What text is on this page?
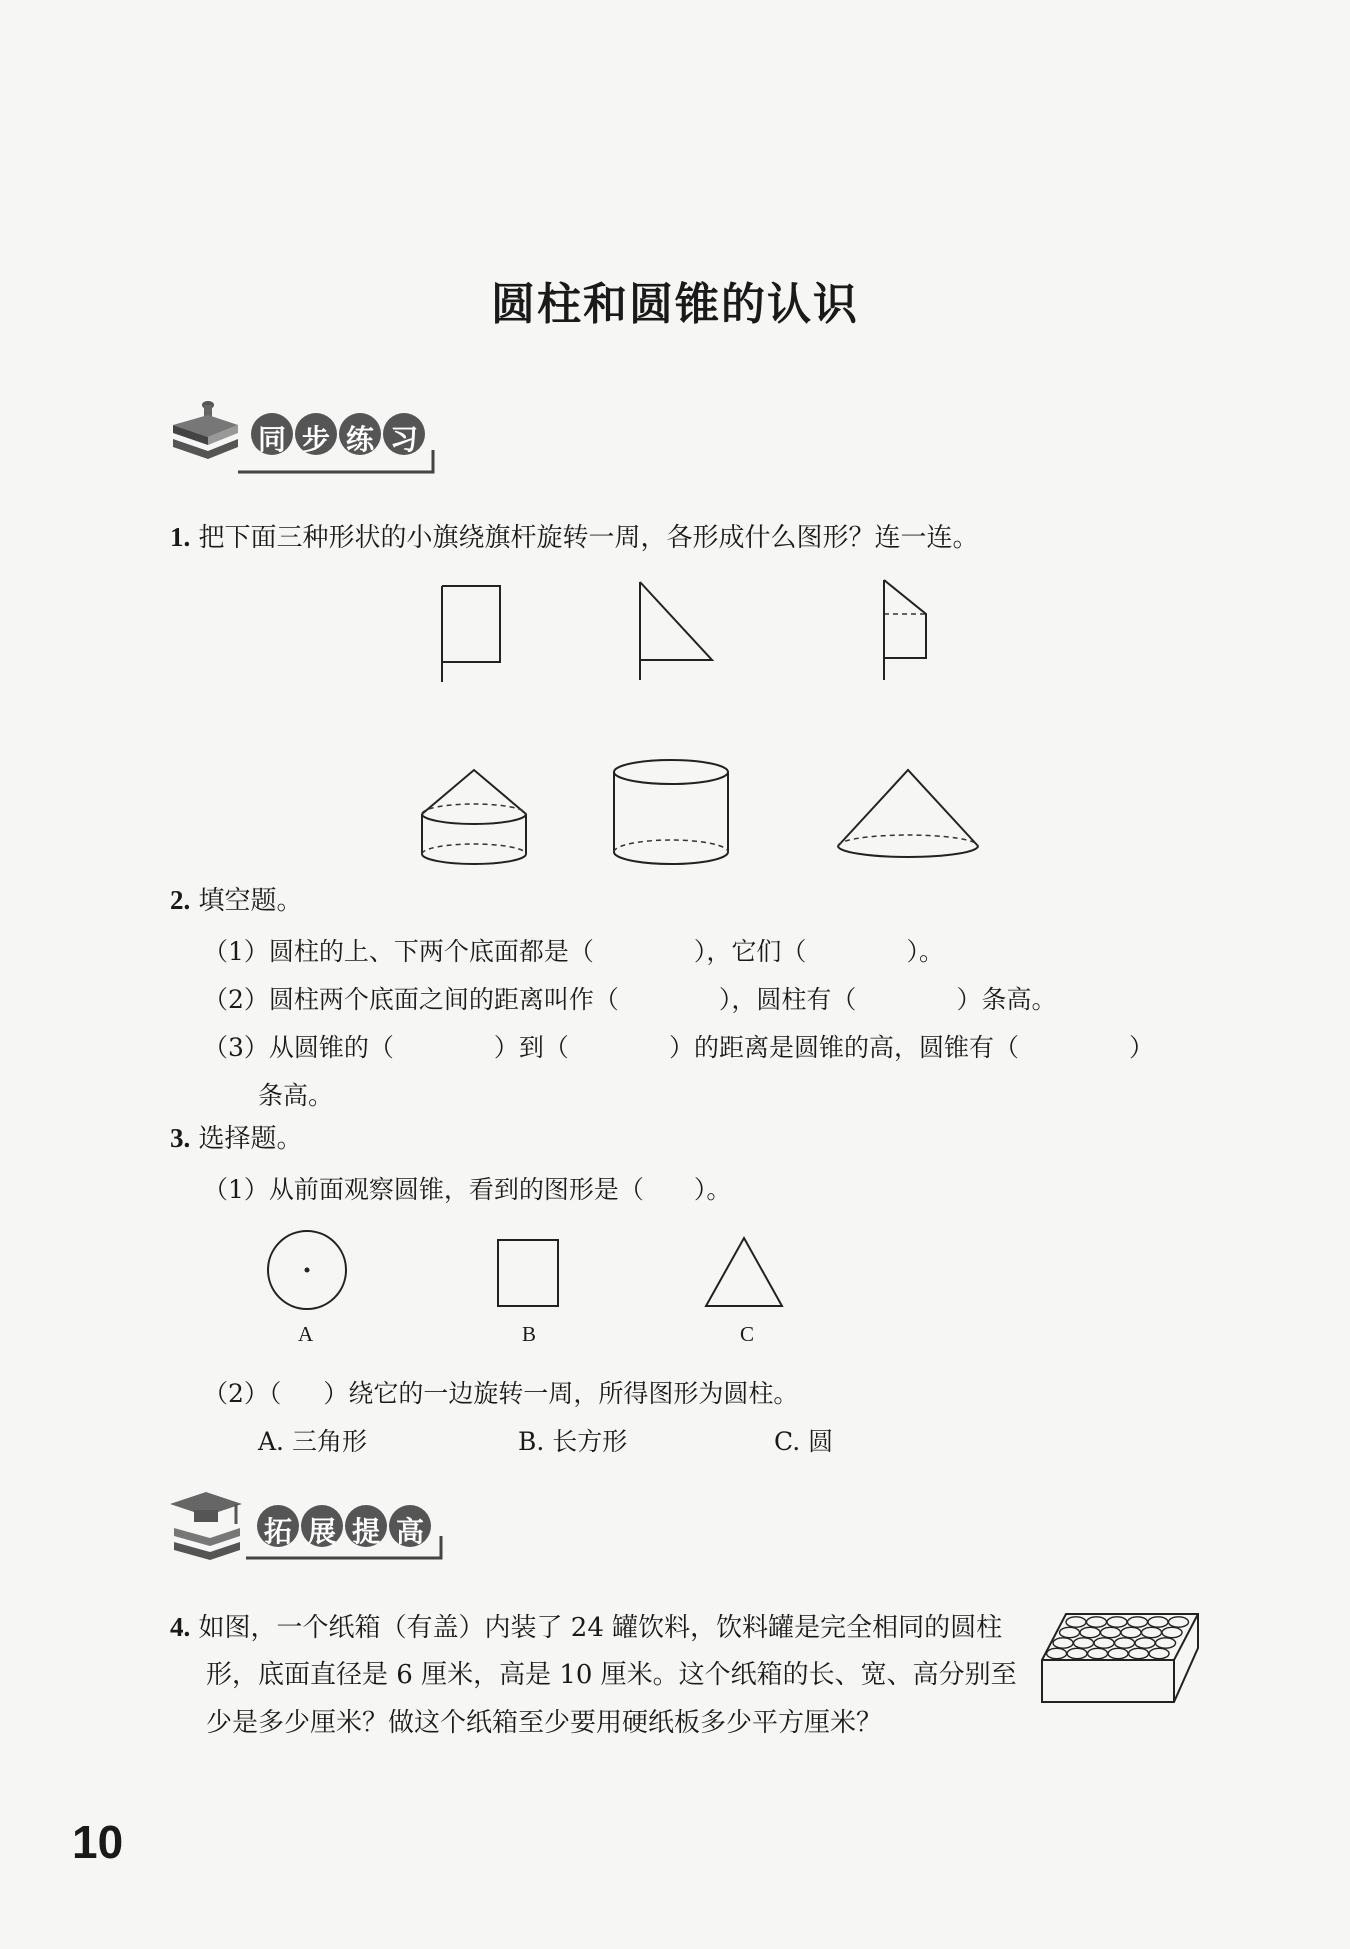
圆柱和圆锥的认识
同 步 练 习
1. 把下面三种形状的小旗绕旗杆旋转一周，各形成什么图形？连一连。
2. 填空题。
（1）圆柱的上、下两个底面都是（	），它们（	）。
（2）圆柱两个底面之间的距离叫作（	），圆柱有（	）条高。
（3）从圆锥的（	）到（	）的距离是圆锥的高，圆锥有（	）
条高。
3. 选择题。
（1）从前面观察圆锥，看到的图形是（ ）。
A	B	C
（2）（ ）绕它的一边旋转一周，所得图形为圆柱。
A. 三角形	B. 长方形	C. 圆
拓 展 提 高
4. 如图，一个纸箱（有盖）内装了 24 罐饮料，饮料罐是完全相同的圆柱
形，底面直径是 6 厘米，高是 10 厘米。这个纸箱的长、宽、高分别至
少是多少厘米？做这个纸箱至少要用硬纸板多少平方厘米？
10
